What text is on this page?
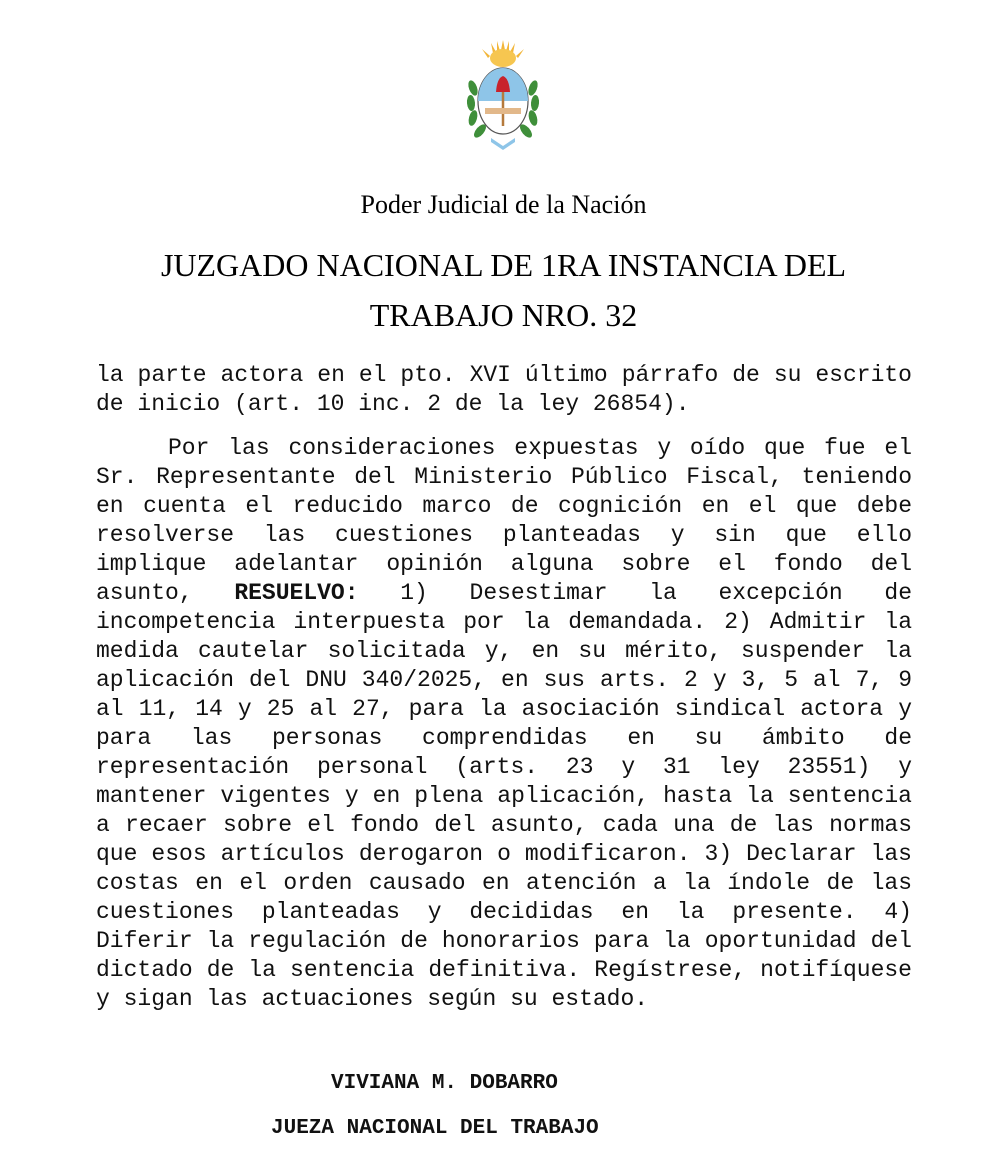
Poder Judicial de la Nación
JUZGADO NACIONAL DE 1RA INSTANCIA DEL
TRABAJO NRO. 32

la parte actora en el pto. XVI último párrafo de su escrito de inicio (art. 10 inc. 2 de la ley 26854).

Por las consideraciones expuestas y oído que fue el Sr. Representante del Ministerio Público Fiscal, teniendo en cuenta el reducido marco de cognición en el que debe resolverse las cuestiones planteadas y sin que ello implique adelantar opinión alguna sobre el fondo del asunto, RESUELVO: 1) Desestimar la excepción de incompetencia interpuesta por la demandada. 2) Admitir la medida cautelar solicitada y, en su mérito, suspender la aplicación del DNU 340/2025, en sus arts. 2 y 3, 5 al 7, 9 al 11, 14 y 25 al 27, para la asociación sindical actora y para las personas comprendidas en su ámbito de representación personal (arts. 23 y 31 ley 23551) y mantener vigentes y en plena aplicación, hasta la sentencia a recaer sobre el fondo del asunto, cada una de las normas que esos artículos derogaron o modificaron. 3) Declarar las costas en el orden causado en atención a la índole de las cuestiones planteadas y decididas en la presente. 4) Diferir la regulación de honorarios para la oportunidad del dictado de la sentencia definitiva. Regístrese, notifíquese y sigan las actuaciones según su estado.

VIVIANA M. DOBARRO
JUEZA NACIONAL DEL TRABAJO
